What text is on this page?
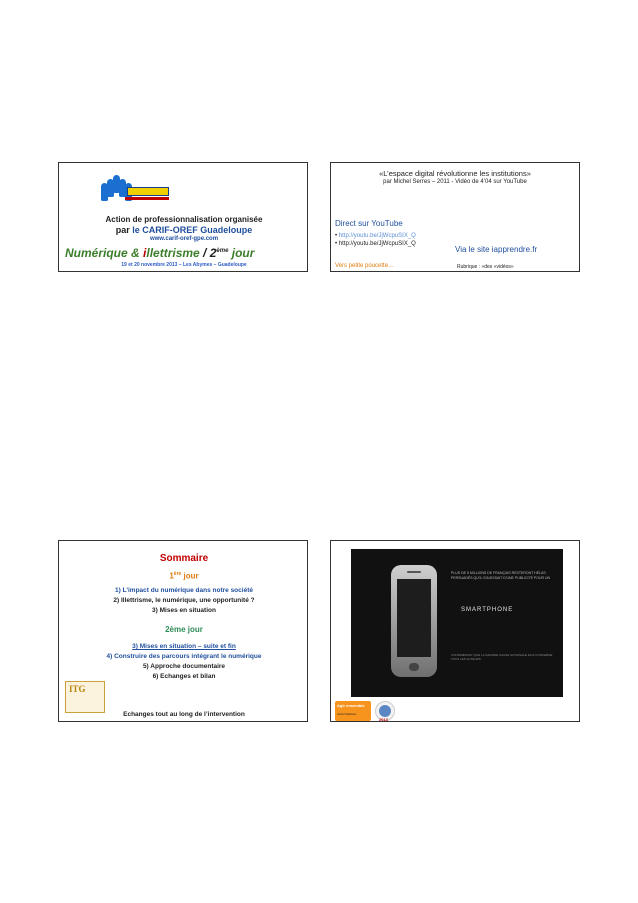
Action de professionnalisation organisée
par le CARIF-OREF Guadeloupe
www.carif-oref-gpe.com
Numérique & illettrisme / 2ème jour
19 et 20 novembre 2013 – Les Abymes – Guadeloupe
«L’espace digital révolutionne les institutions»
par Michel Serres – 2011 - Vidéo de 4’04 sur YouTube
Direct sur YouTube
• http://youtu.be/JjWcpuSIX_Q
• http://youtu.be/JjWcpuSIX_Q
Via le site iapprendre.fr
Vers petite poucette…	Rubrique : «des «vidéos»
Sommaire
1ère jour
1) L’impact du numérique dans notre société
2) Illettrisme, le numérique, une opportunité ?
3) Mises en situation
2ème jour
3) Mises en situation – suite et fin
4) Construire des parcours intégrant le numérique
5) Approche documentaire
6) Echanges et bilan
ITG
Echanges tout au long de l’intervention
PLUS DE 5 MILLIONS DE FRANÇAIS RESTERONT HÉLAS PERSUADÉS QU'IL S'AGISSAIT D'UNE PUBLICITÉ POUR UN
SMARTPHONE
CONSIDÉRANT QUE LA GRANDE CAUSE NATIONALE 2013 CONCERNE TOUS LES ACTEURS
Agir ensemble
contre l'Illettrisme
2013
